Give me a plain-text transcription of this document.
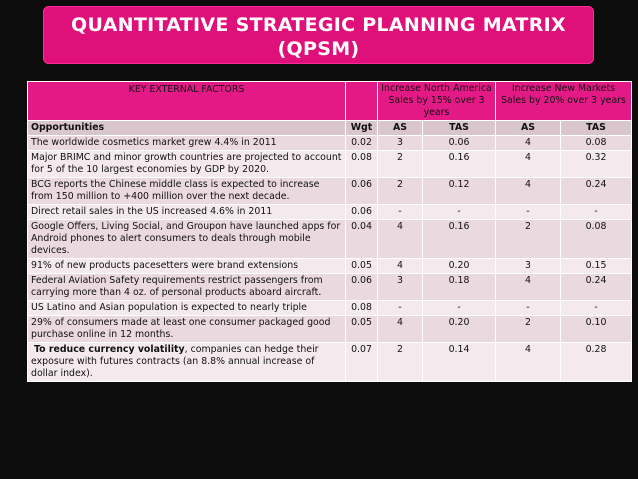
QUANTITATIVE STRATEGIC PLANNING MATRIX
(QPSM)
KEY EXTERNAL FACTORS		Increase North America Sales by 15% over 3 years		Increase New Markets Sales by 20% over 3 years	
Opportunities	Wgt	AS	TAS	AS	TAS
The worldwide cosmetics market grew 4.4% in 2011	0.02	3	0.06	4	0.08
Major BRIMC and minor growth countries are projected to account for 5 of the 10 largest economies by GDP by 2020.	0.08	2	0.16	4	0.32
BCG reports the Chinese middle class is expected to increase from 150 million to +400 million over the next decade.	0.06	2	0.12	4	0.24
Direct retail sales in the US increased 4.6% in 2011	0.06	-	-	-	-
Google Offers, Living Social, and Groupon have launched apps for Android phones to alert consumers to deals through mobile devices.	0.04	4	0.16	2	0.08
91% of new products pacesetters were brand extensions	0.05	4	0.20	3	0.15
Federal Aviation Safety requirements restrict passengers from carrying more than 4 oz. of personal products aboard aircraft.	0.06	3	0.18	4	0.24
US Latino and Asian population is expected to nearly triple	0.08	-	-	-	-
29% of consumers made at least one consumer packaged good purchase online in 12 months.	0.05	4	0.20	2	0.10
To reduce currency volatility, companies can hedge their exposure with futures contracts (an 8.8% annual increase of dollar index).	0.07	2	0.14	4	0.28
